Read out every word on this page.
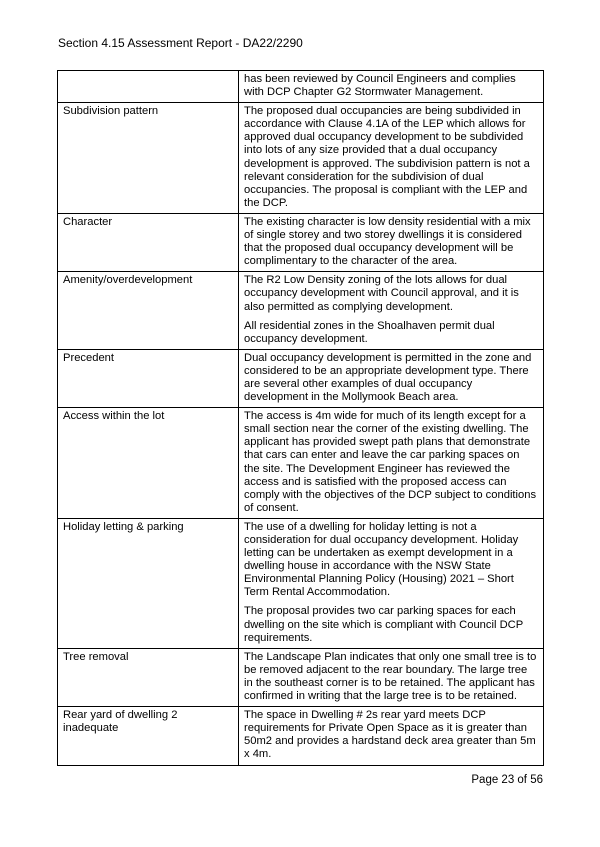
Section 4.15 Assessment Report - DA22/2290

	has been reviewed by Council Engineers and complies with DCP Chapter G2 Stormwater Management.

Subdivision pattern	The proposed dual occupancies are being subdivided in accordance with Clause 4.1A of the LEP which allows for approved dual occupancy development to be subdivided into lots of any size provided that a dual occupancy development is approved. The subdivision pattern is not a relevant consideration for the subdivision of dual occupancies. The proposal is compliant with the LEP and the DCP.

Character	The existing character is low density residential with a mix of single storey and two storey dwellings it is considered that the proposed dual occupancy development will be complimentary to the character of the area.

Amenity/overdevelopment	The R2 Low Density zoning of the lots allows for dual occupancy development with Council approval, and it is also permitted as complying development.

All residential zones in the Shoalhaven permit dual occupancy development.

Precedent	Dual occupancy development is permitted in the zone and considered to be an appropriate development type. There are several other examples of dual occupancy development in the Mollymook Beach area.

Access within the lot	The access is 4m wide for much of its length except for a small section near the corner of the existing dwelling. The applicant has provided swept path plans that demonstrate that cars can enter and leave the car parking spaces on the site. The Development Engineer has reviewed the access and is satisfied with the proposed access can comply with the objectives of the DCP subject to conditions of consent.

Holiday letting & parking	The use of a dwelling for holiday letting is not a consideration for dual occupancy development. Holiday letting can be undertaken as exempt development in a dwelling house in accordance with the NSW State Environmental Planning Policy (Housing) 2021 – Short Term Rental Accommodation.

The proposal provides two car parking spaces for each dwelling on the site which is compliant with Council DCP requirements.

Tree removal	The Landscape Plan indicates that only one small tree is to be removed adjacent to the rear boundary. The large tree in the southeast corner is to be retained. The applicant has confirmed in writing that the large tree is to be retained.

Rear yard of dwelling 2 inadequate	The space in Dwelling # 2s rear yard meets DCP requirements for Private Open Space as it is greater than 50m2 and provides a hardstand deck area greater than 5m x 4m.

Page 23 of 56
